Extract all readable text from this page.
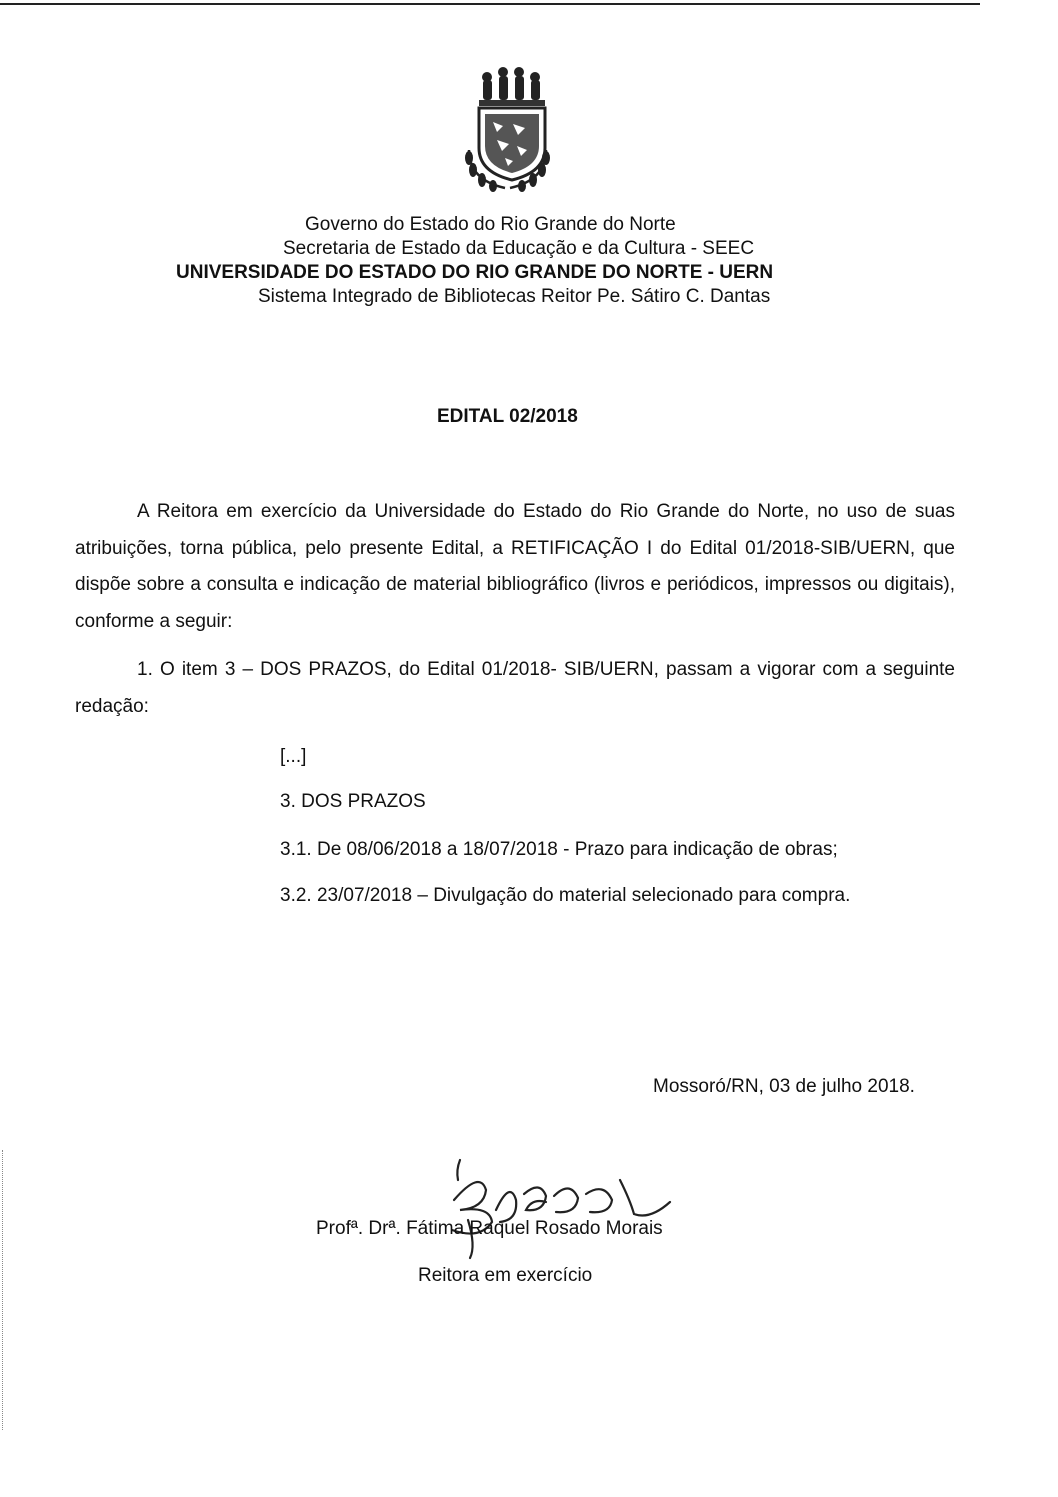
Governo do Estado do Rio Grande do Norte
Secretaria de Estado da Educação e da Cultura - SEEC
UNIVERSIDADE DO ESTADO DO RIO GRANDE DO NORTE - UERN
Sistema Integrado de Bibliotecas Reitor Pe. Sátiro C. Dantas
EDITAL 02/2018
A Reitora em exercício da Universidade do Estado do Rio Grande do Norte, no uso de suas atribuições, torna pública, pelo presente Edital, a RETIFICAÇÃO I do Edital 01/2018-SIB/UERN, que dispõe sobre a consulta e indicação de material bibliográfico (livros e periódicos, impressos ou digitais), conforme a seguir:
1. O item 3 – DOS PRAZOS, do Edital 01/2018- SIB/UERN, passam a vigorar com a seguinte redação:
[...]
3. DOS PRAZOS
3.1. De 08/06/2018 a 18/07/2018 - Prazo para indicação de obras;
3.2. 23/07/2018 – Divulgação do material selecionado para compra.
Mossoró/RN, 03 de julho 2018.
Profª. Drª. Fátima Raquel Rosado Morais
Reitora em exercício
